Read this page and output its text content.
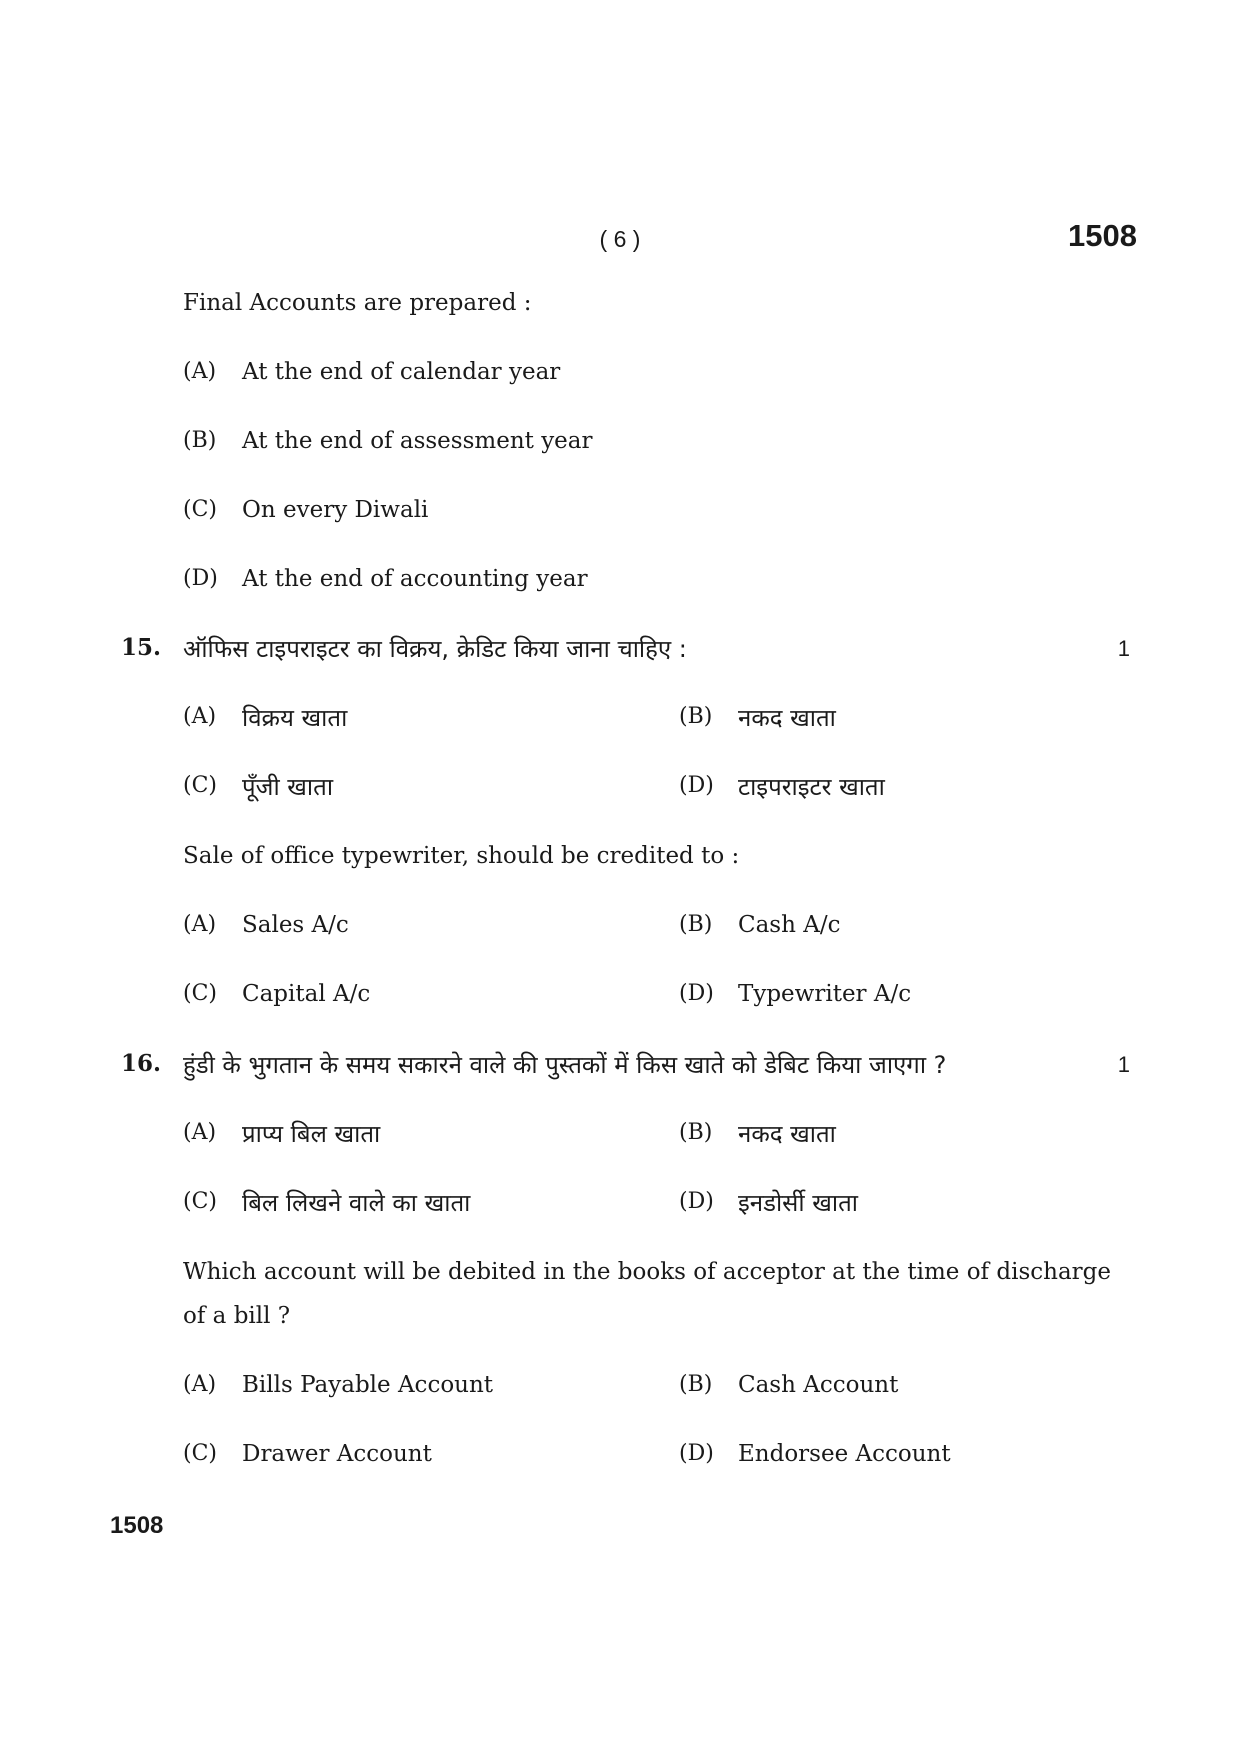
( 6 )	1508
Final Accounts are prepared :
(A) At the end of calendar year
(B) At the end of assessment year
(C) On every Diwali
(D) At the end of accounting year
15. ऑफिस टाइपराइटर का विक्रय, क्रेडिट किया जाना चाहिए :	1
(A) विक्रय खाता	(B) नकद खाता
(C) पूँजी खाता	(D) टाइपराइटर खाता
Sale of office typewriter, should be credited to :
(A) Sales A/c	(B) Cash A/c
(C) Capital A/c	(D) Typewriter A/c
16. हुंडी के भुगतान के समय सकारने वाले की पुस्तकों में किस खाते को डेबिट किया जाएगा ?	1
(A) प्राप्य बिल खाता	(B) नकद खाता
(C) बिल लिखने वाले का खाता	(D) इनडोर्सी खाता
Which account will be debited in the books of acceptor at the time of discharge
of a bill ?
(A) Bills Payable Account	(B) Cash Account
(C) Drawer Account	(D) Endorsee Account
1508
